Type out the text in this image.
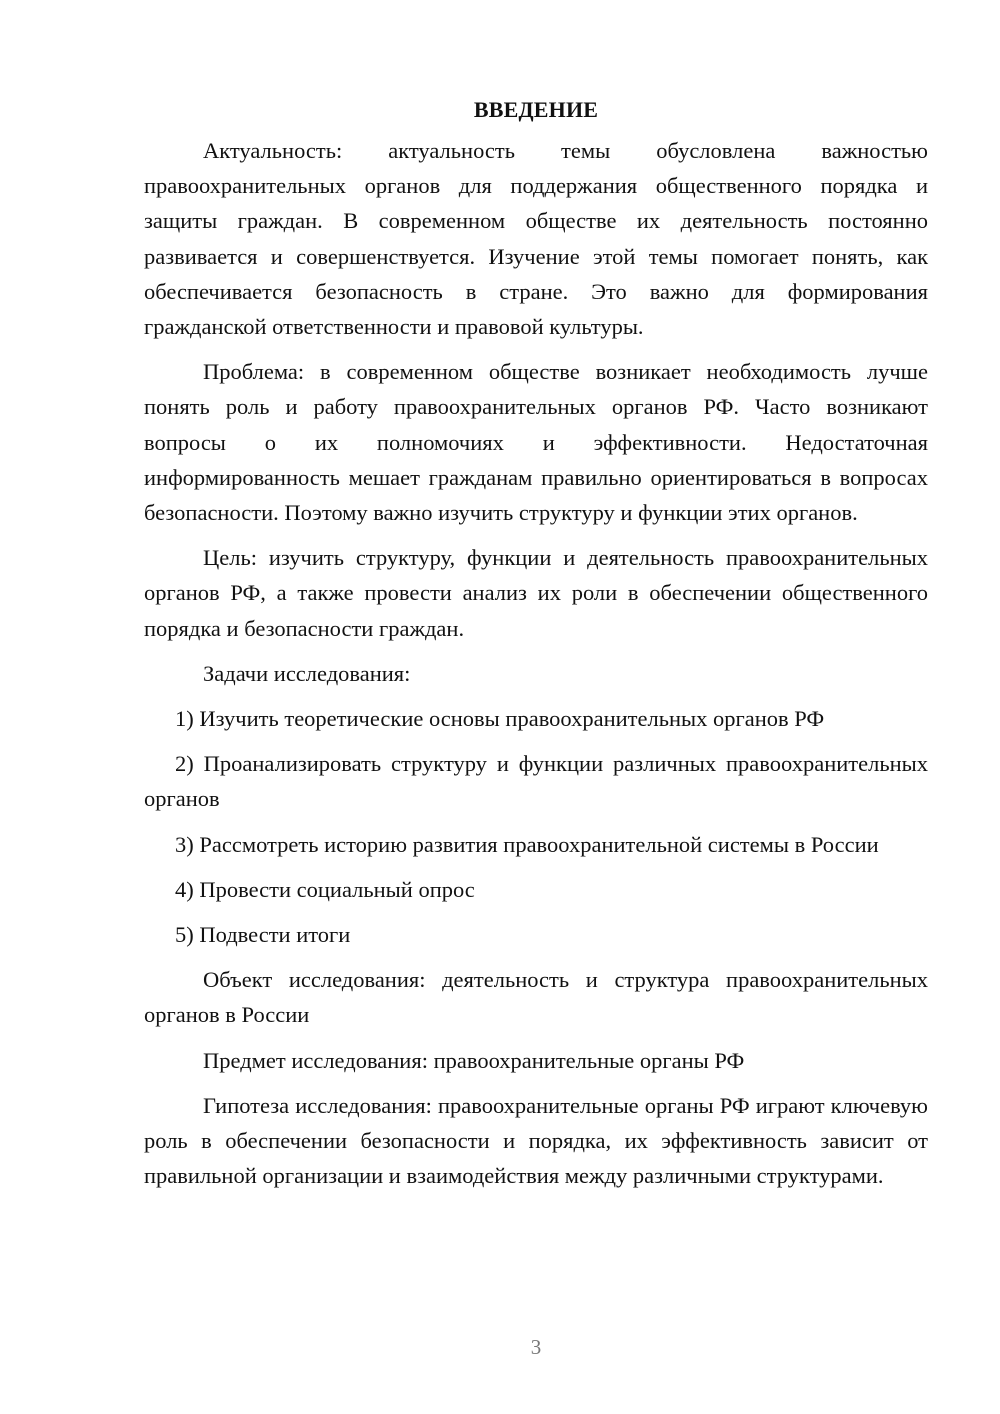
ВВЕДЕНИЕ

Актуальность: актуальность темы обусловлена важностью правоохранительных органов для поддержания общественного порядка и защиты граждан. В современном обществе их деятельность постоянно развивается и совершенствуется. Изучение этой темы помогает понять, как обеспечивается безопасность в стране. Это важно для формирования гражданской ответственности и правовой культуры.

Проблема: в современном обществе возникает необходимость лучше понять роль и работу правоохранительных органов РФ. Часто возникают вопросы о их полномочиях и эффективности. Недостаточная информированность мешает гражданам правильно ориентироваться в вопросах безопасности. Поэтому важно изучить структуру и функции этих органов.

Цель: изучить структуру, функции и деятельность правоохранительных органов РФ, а также провести анализ их роли в обеспечении общественного порядка и безопасности граждан.

Задачи исследования:

1) Изучить теоретические основы правоохранительных органов РФ

2) Проанализировать структуру и функции различных правоохранительных органов

3) Рассмотреть историю развития правоохранительной системы в России

4) Провести социальный опрос

5) Подвести итоги

Объект исследования: деятельность и структура правоохранительных органов в России

Предмет исследования: правоохранительные органы РФ

Гипотеза исследования: правоохранительные органы РФ играют ключевую роль в обеспечении безопасности и порядка, их эффективность зависит от правильной организации и взаимодействия между различными структурами.

3
